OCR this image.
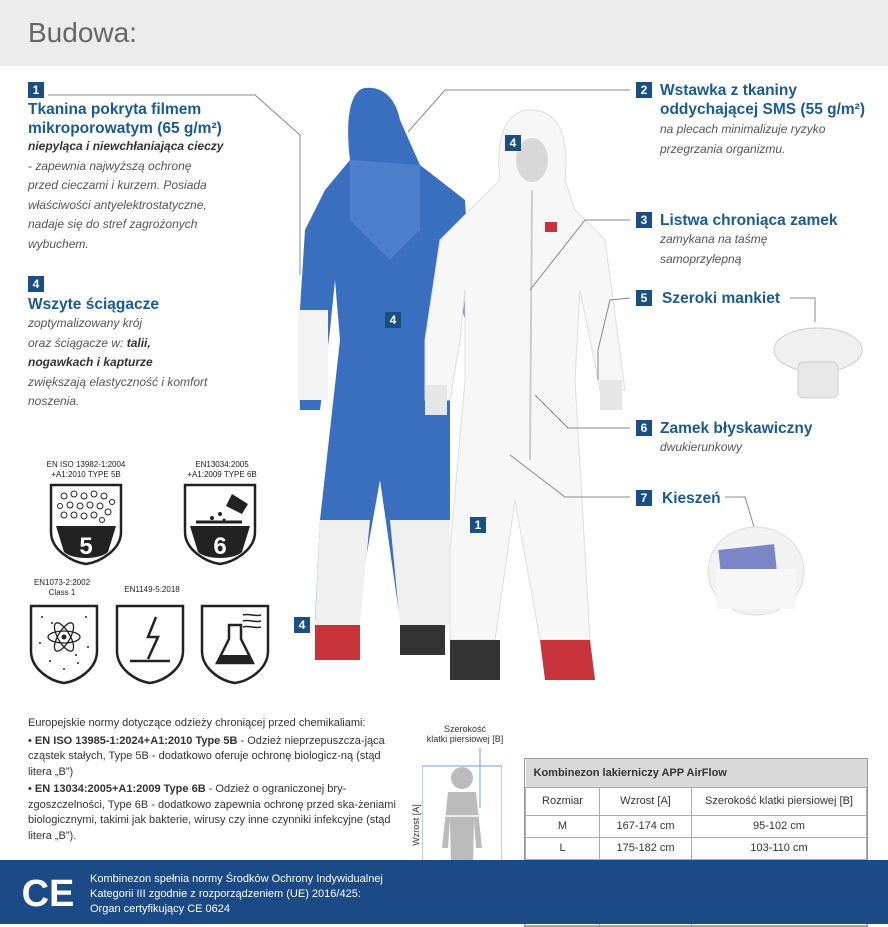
Budowa:
4
4
4
1
1
Tkanina pokryta filmem
mikroporowatym (65 g/m²)
niepyląca i niewchłaniająca cieczy
- zapewnia najwyższą ochronę
przed cieczami i kurzem. Posiada
właściwości antyelektrostatyczne,
nadaje się do stref zagrożonych
wybuchem.
4
Wszyte ściągacze
zoptymalizowany krój
oraz ściągacze w: talii,
nogawkach i kapturze
zwiększają elastyczność i komfort
noszenia.
2 Wstawka z tkaniny
oddychającej SMS (55 g/m²)
na plecach minimalizuje ryzyko
przegrzania organizmu.
3 Listwa chroniąca zamek
zamykana na taśmę
samoprzylepną
5 Szeroki mankiet
6 Zamek błyskawiczny
dwukierunkowy
7 Kieszeń
EN ISO 13982-1:2004
+A1:2010 TYPE 5B
5
EN13034:2005
+A1:2009 TYPE 6B
6
EN1073-2:2002
Class 1	EN1149-5:2018

Europejskie normy dotyczące odzieży chroniącej przed chemikaliami:

• EN ISO 13985-1:2024+A1:2010 Type 5B - Odzież nieprzepuszcza-jąca cząstek stałych, Type 5B - dodatkowo oferuje ochronę biologicz-ną (stąd litera „B”)

• EN 13034:2005+A1:2009 Type 6B - Odzież o ograniczonej bry-zgoszczelności, Type 6B - dodatkowo zapewnia ochronę przed ska-żeniami biologicznymi, takimi jak bakterie, wirusy czy inne czynniki infekcyjne (stąd litera „B”).

Szerokość
klatki piersiowej [B]
Wzrost [A]
Kombinezon lakierniczy APP AirFlow		
Rozmiar	Wzrost [A]	Szerokość klatki piersiowej [B]
M	167-174 cm	95-102 cm
L	175-182 cm	103-110 cm

CE Kombinezon spełnia normy Środków Ochrony Indywidualnej
Kategorii III zgodnie z rozporządzeniem (UE) 2016/425:
Organ certyfikujący CE 0624
